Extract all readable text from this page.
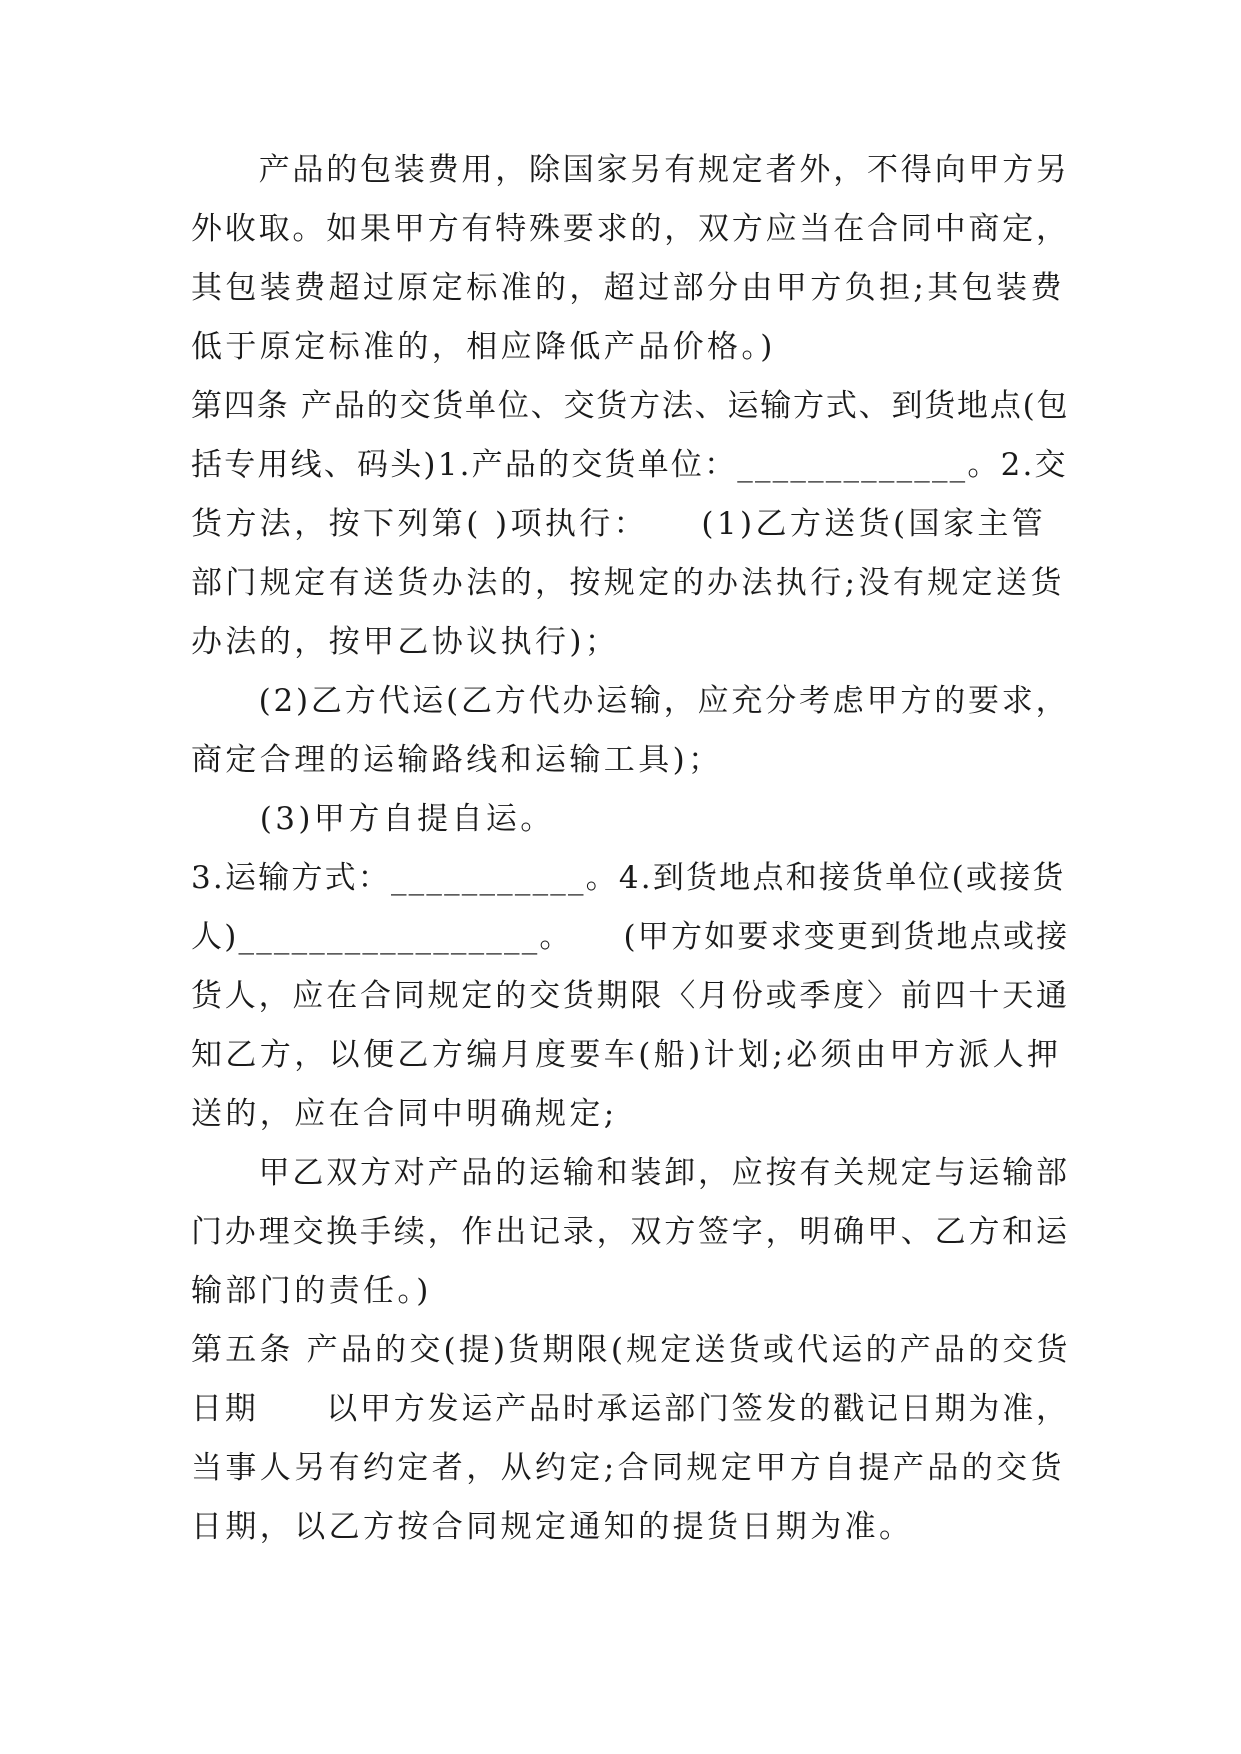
　　产品的包装费用，除国家另有规定者外，不得向甲方另
外收取。如果甲方有特殊要求的，双方应当在合同中商定，
其包装费超过原定标准的，超过部分由甲方负担;其包装费
低于原定标准的，相应降低产品价格。)
第四条 产品的交货单位、交货方法、运输方式、到货地点(包
括专用线、码头)1.产品的交货单位：_____________。2.交
货方法，按下列第( )项执行：　　(1)乙方送货(国家主管
部门规定有送货办法的，按规定的办法执行;没有规定送货
办法的，按甲乙协议执行)；
　　(2)乙方代运(乙方代办运输，应充分考虑甲方的要求，
商定合理的运输路线和运输工具)；
　　(3)甲方自提自运。
3.运输方式：___________。4.到货地点和接货单位(或接货
人)_________________。　　(甲方如要求变更到货地点或接
货人，应在合同规定的交货期限〈月份或季度〉前四十天通
知乙方，以便乙方编月度要车(船)计划;必须由甲方派人押
送的，应在合同中明确规定;
　　甲乙双方对产品的运输和装卸，应按有关规定与运输部
门办理交换手续，作出记录，双方签字，明确甲、乙方和运
输部门的责任。)
第五条 产品的交(提)货期限(规定送货或代运的产品的交货
日期　　以甲方发运产品时承运部门签发的戳记日期为准，
当事人另有约定者，从约定;合同规定甲方自提产品的交货
日期，以乙方按合同规定通知的提货日期为准。
